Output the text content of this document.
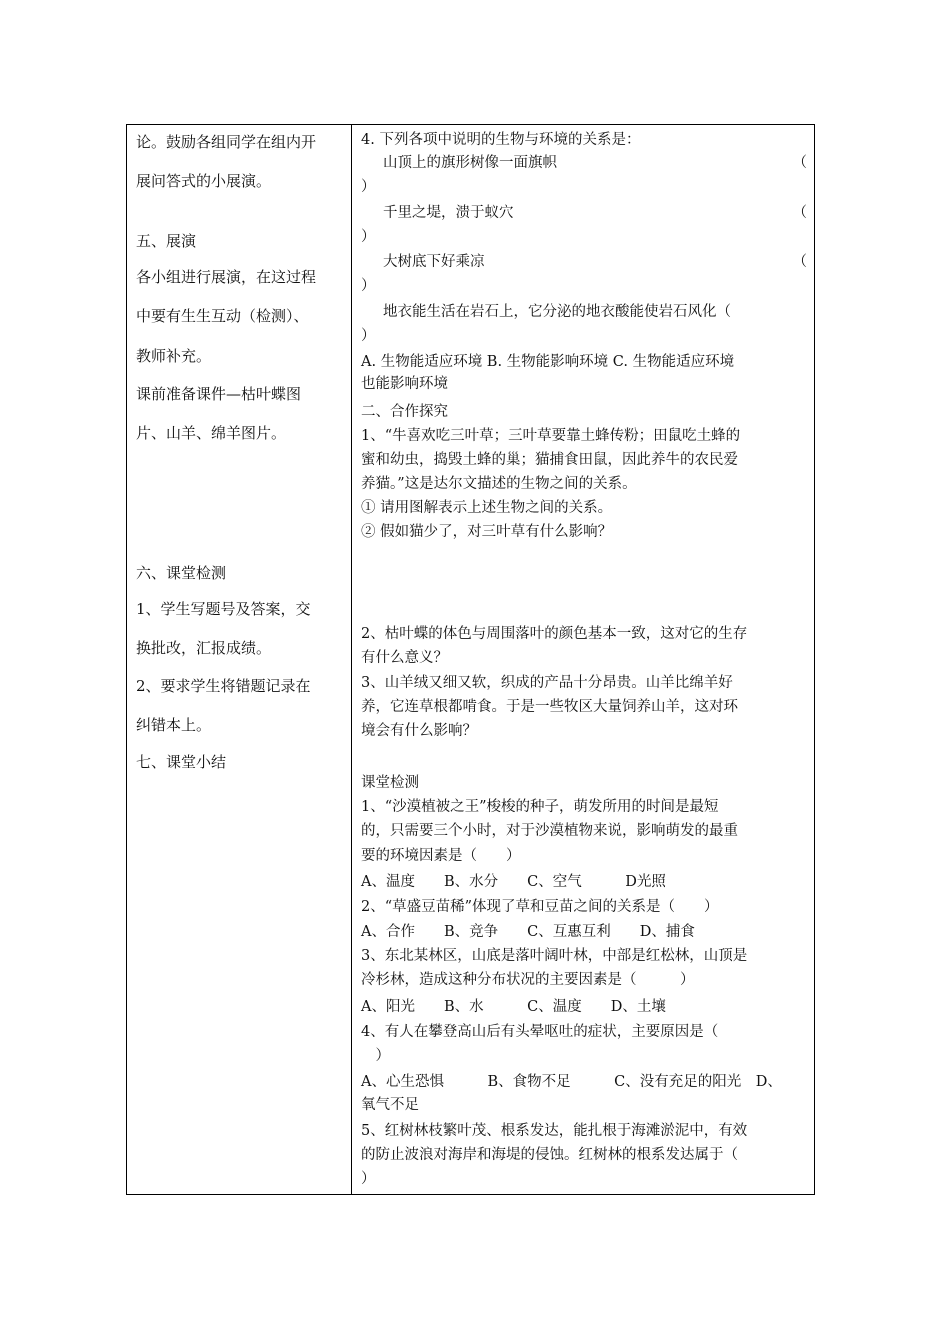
论。鼓励各组同学在组内开
展问答式的小展演。
五、展演
各小组进行展演，在这过程
中要有生生互动（检测）、
教师补充。
课前准备课件—枯叶蝶图
片、山羊、绵羊图片。
六、课堂检测
1、学生写题号及答案，交
换批改，汇报成绩。
2、要求学生将错题记录在
纠错本上。
七、课堂小结
4. 下列各项中说明的生物与环境的关系是：
山顶上的旗形树像一面旗帜	（
）
千里之堤，溃于蚁穴	（
）
大树底下好乘凉	（
）
地衣能生活在岩石上，它分泌的地衣酸能使岩石风化（
）
A. 生物能适应环境 B. 生物能影响环境 C. 生物能适应环境
也能影响环境
二、合作探究
1、“牛喜欢吃三叶草；三叶草要靠土蜂传粉；田鼠吃土蜂的
蜜和幼虫，捣毁土蜂的巢；猫捕食田鼠，因此养牛的农民爱
养猫。”这是达尔文描述的生物之间的关系。
① 请用图解表示上述生物之间的关系。
② 假如猫少了，对三叶草有什么影响？
2、枯叶蝶的体色与周围落叶的颜色基本一致，这对它的生存
有什么意义？
3、山羊绒又细又软，织成的产品十分昂贵。山羊比绵羊好
养，它连草根都啃食。于是一些牧区大量饲养山羊，这对环
境会有什么影响？
课堂检测
1、“沙漠植被之王”梭梭的种子，萌发所用的时间是最短
的，只需要三个小时，对于沙漠植物来说，影响萌发的最重
要的环境因素是（　　）
A、温度　　B、水分　　C、空气　　　D光照
2、“草盛豆苗稀”体现了草和豆苗之间的关系是（　　）
A、合作　　B、竞争　　C、互惠互利　　D、捕食
3、东北某林区，山底是落叶阔叶林，中部是红松林，山顶是
冷杉林，造成这种分布状况的主要因素是（　　　）
A、阳光　　B、水　　　C、温度　　D、土壤
4、有人在攀登高山后有头晕呕吐的症状，主要原因是（
　）
A、心生恐惧　　　B、食物不足　　　C、没有充足的阳光　D、
氧气不足
5、红树林枝繁叶茂、根系发达，能扎根于海滩淤泥中，有效
的防止波浪对海岸和海堤的侵蚀。红树林的根系发达属于（
）
